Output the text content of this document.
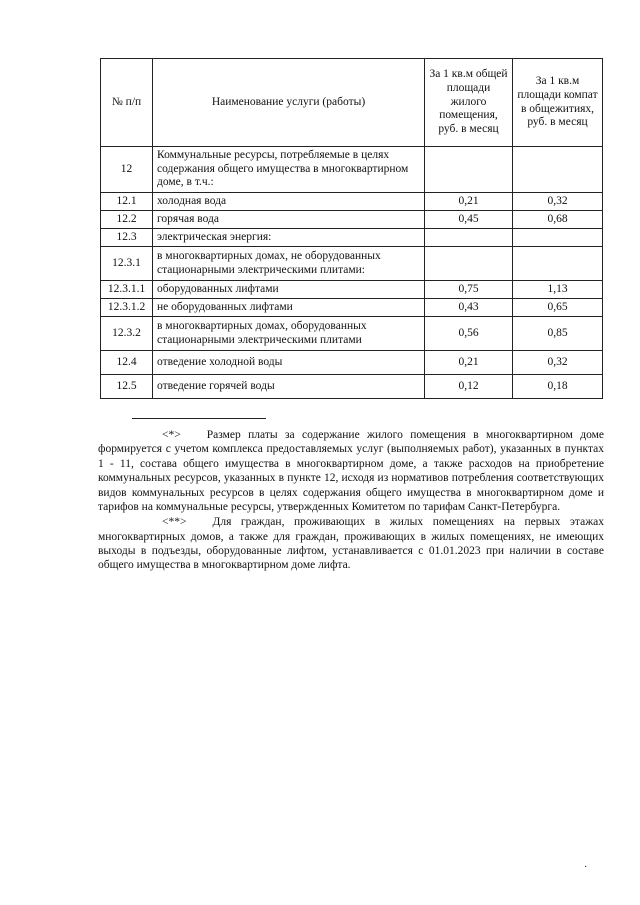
№ п/п	Наименование услуги (работы)	За 1 кв.м общей площади жилого помещения, руб. в месяц	За 1 кв.м площади компат в общежитиях, руб. в месяц
12	Коммунальные ресурсы, потребляемые в целях содержания общего имущества в многоквартирном доме, в т.ч.:		
12.1	холодная вода	0,21	0,32
12.2	горячая вода	0,45	0,68
12.3	электрическая энергия:		
12.3.1	в многоквартирных домах, не оборудованных стационарными электрическими плитами:		
12.3.1.1	оборудованных лифтами	0,75	1,13
12.3.1.2	не оборудованных лифтами	0,43	0,65
12.3.2	в многоквартирных домах, оборудованных стационарными электрическими плитами	0,56	0,85
12.4	отведение холодной воды	0,21	0,32
12.5	отведение горячей воды	0,12	0,18

<*> Размер платы за содержание жилого помещения в многоквартирном доме формируется с учетом комплекса предоставляемых услуг (выполняемых работ), указанных в пунктах 1 - 11, состава общего имущества в многоквартирном доме, а также расходов на приобретение коммунальных ресурсов, указанных в пункте 12, исходя из нормативов потребления соответствующих видов коммунальных ресурсов в целях содержания общего имущества в многоквартирном доме и тарифов на коммунальные ресурсы, утвержденных Комитетом по тарифам Санкт-Петербурга.

<**> Для граждан, проживающих в жилых помещениях на первых этажах многоквартирных домов, а также для граждан, проживающих в жилых помещениях, не имеющих выходы в подъезды, оборудованные лифтом, устанавливается с 01.01.2023 при наличии в составе общего имущества в многоквартирном доме лифта.

·
